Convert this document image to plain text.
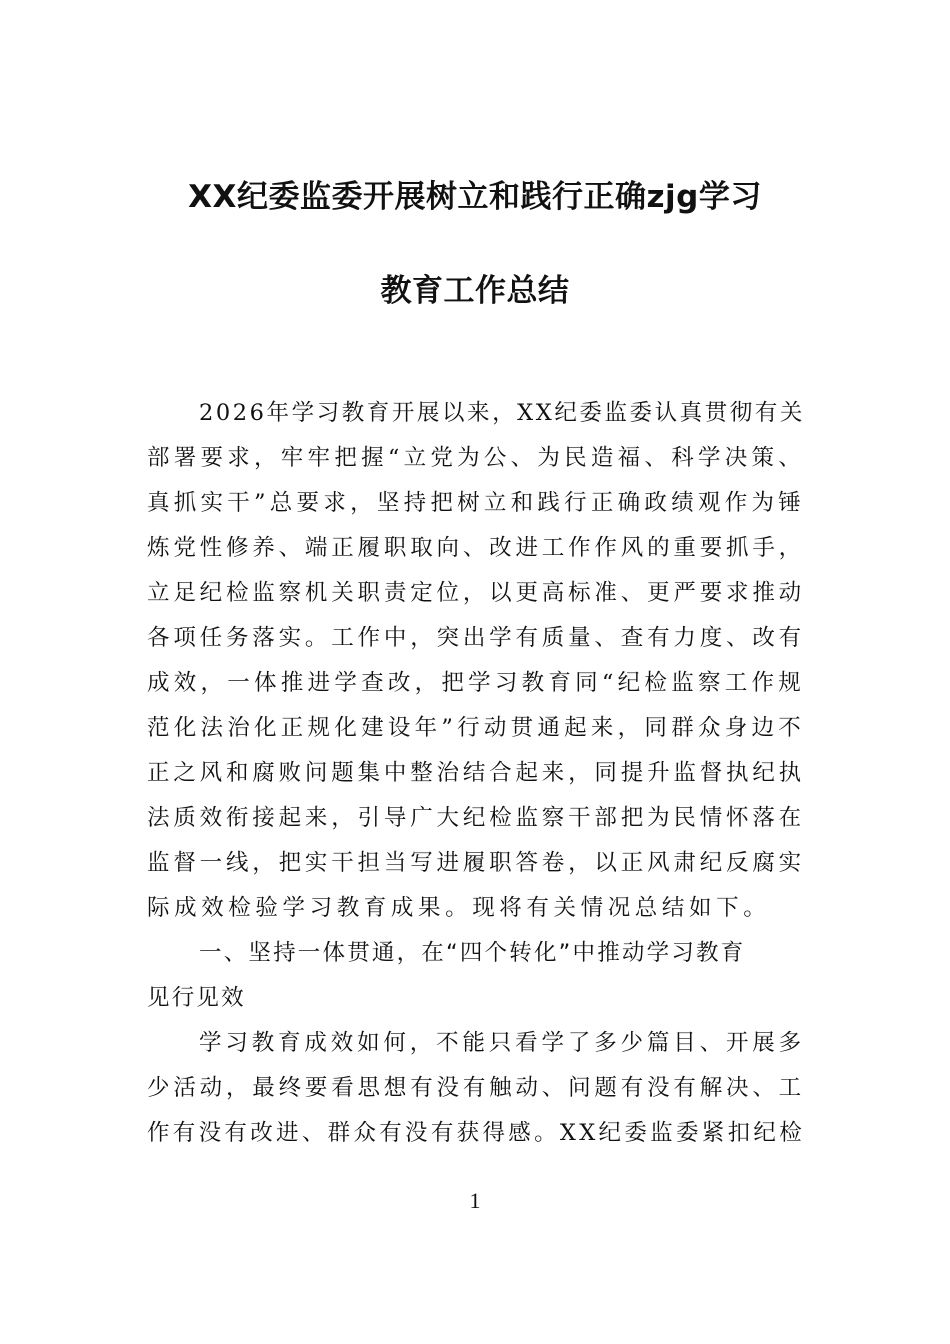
XX纪委监委开展树立和践行正确zjg学习
教育工作总结
2026年学习教育开展以来，XX纪委监委认真贯彻有关
部署要求，牢牢把握“立党为公、为民造福、科学决策、
真抓实干”总要求，坚持把树立和践行正确政绩观作为锤
炼党性修养、端正履职取向、改进工作作风的重要抓手，
立足纪检监察机关职责定位，以更高标准、更严要求推动
各项任务落实。工作中，突出学有质量、查有力度、改有
成效，一体推进学查改，把学习教育同“纪检监察工作规
范化法治化正规化建设年”行动贯通起来，同群众身边不
正之风和腐败问题集中整治结合起来，同提升监督执纪执
法质效衔接起来，引导广大纪检监察干部把为民情怀落在
监督一线，把实干担当写进履职答卷，以正风肃纪反腐实
际成效检验学习教育成果。现将有关情况总结如下。
一、坚持一体贯通，在“四个转化”中推动学习教育
见行见效
学习教育成效如何，不能只看学了多少篇目、开展多
少活动，最终要看思想有没有触动、问题有没有解决、工
作有没有改进、群众有没有获得感。XX纪委监委紧扣纪检
1
